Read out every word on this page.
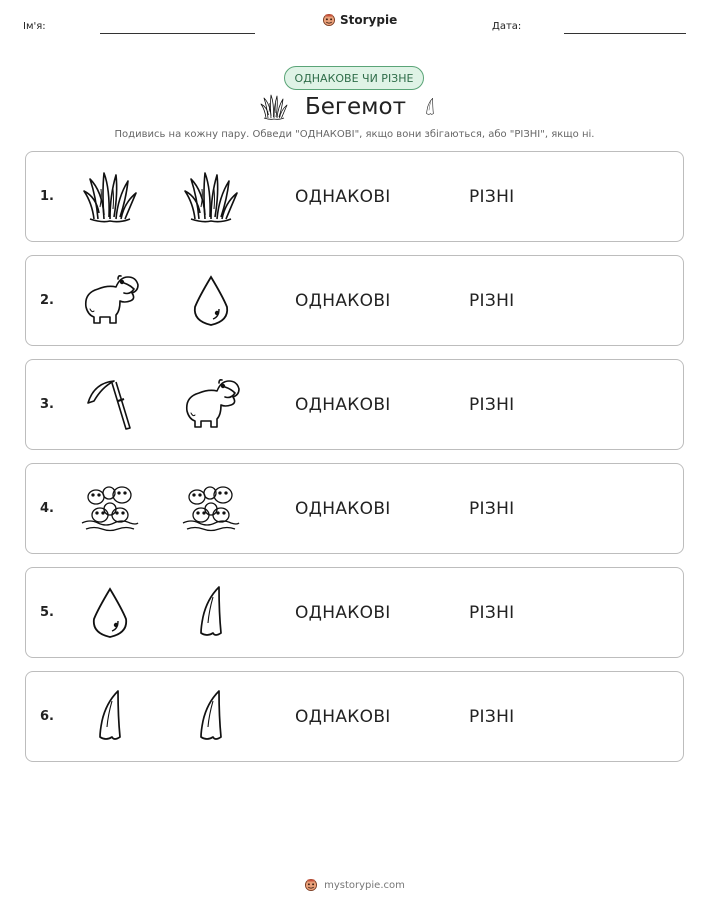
Ім'я:	Storypie	Дата:
ОДНАКОВЕ ЧИ РІЗНЕ
Бегемот
Подивись на кожну пару. Обведи "ОДНАКОВІ", якщо вони збігаються, або "РІЗНІ", якщо ні.
1.	ОДНАКОВІ	РІЗНІ
2.	ОДНАКОВІ	РІЗНІ
3.	ОДНАКОВІ	РІЗНІ
4.	ОДНАКОВІ	РІЗНІ
5.	ОДНАКОВІ	РІЗНІ
6.	ОДНАКОВІ	РІЗНІ
mystorypie.com
